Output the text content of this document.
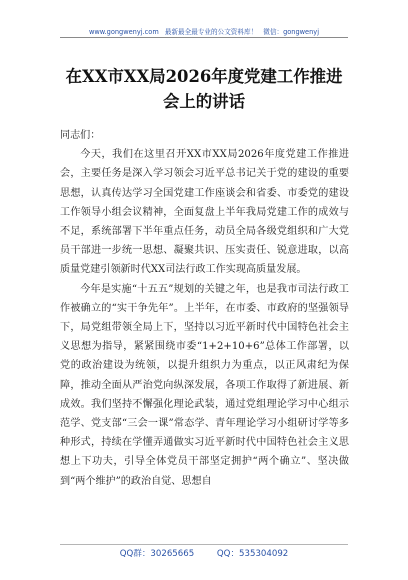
www.gongwenyj.com 最新最全最专业的公文资料库！ 微信：gongwenyj
在XX市XX局2026年度党建工作推进会上的讲话

同志们：

今天，我们在这里召开XX市XX局2026年度党建工作推进会，主要任务是深入学习领会习近平总书记关于党的建设的重要思想，认真传达学习全国党建工作座谈会和省委、市委党的建设工作领导小组会议精神，全面复盘上半年我局党建工作的成效与不足，系统部署下半年重点任务，动员全局各级党组织和广大党员干部进一步统一思想、凝聚共识、压实责任、锐意进取，以高质量党建引领新时代XX司法行政工作实现高质量发展。

今年是实施“十五五”规划的关键之年，也是我市司法行政工作被确立的“实干争先年”。上半年，在市委、市政府的坚强领导下，局党组带领全局上下，坚持以习近平新时代中国特色社会主义思想为指导，紧紧围绕市委“1+2+10+6”总体工作部署，以党的政治建设为统领，以提升组织力为重点，以正风肃纪为保障，推动全面从严治党向纵深发展，各项工作取得了新进展、新成效。我们坚持不懈强化理论武装，通过党组理论学习中心组示范学、党支部“三会一课”常态学、青年理论学习小组研讨学等多种形式，持续在学懂弄通做实习近平新时代中国特色社会主义思想上下功夫，引导全体党员干部坚定拥护“两个确立”、坚决做到“两个维护”的政治自觉、思想自

QQ群：30265665	QQ：535304092
